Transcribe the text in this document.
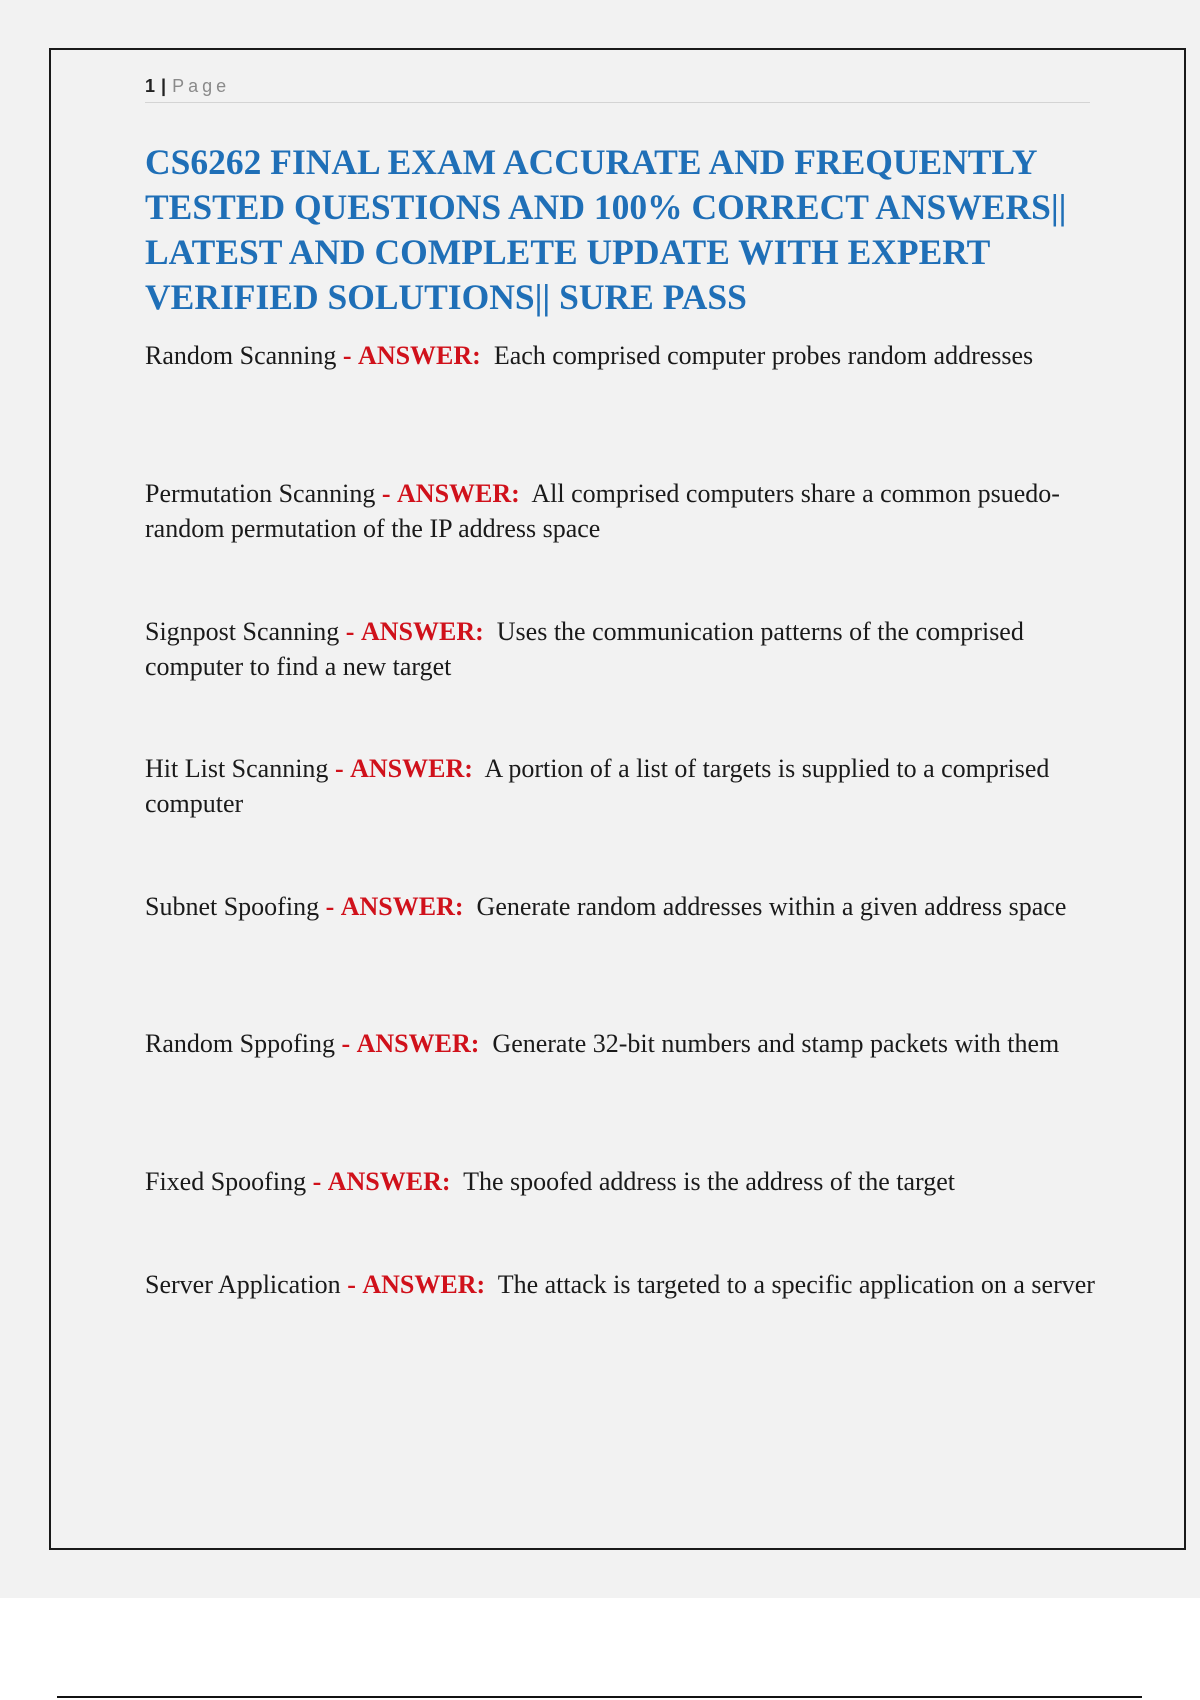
1 | Page
CS6262 FINAL EXAM ACCURATE AND FREQUENTLY TESTED QUESTIONS AND 100% CORRECT ANSWERS|| LATEST AND COMPLETE UPDATE WITH EXPERT VERIFIED SOLUTIONS|| SURE PASS
Random Scanning - ANSWER: Each comprised computer probes random addresses
Permutation Scanning - ANSWER: All comprised computers share a common psuedo-random permutation of the IP address space
Signpost Scanning - ANSWER: Uses the communication patterns of the comprised computer to find a new target
Hit List Scanning - ANSWER: A portion of a list of targets is supplied to a comprised computer
Subnet Spoofing - ANSWER: Generate random addresses within a given address space
Random Sppofing - ANSWER: Generate 32-bit numbers and stamp packets with them
Fixed Spoofing - ANSWER: The spoofed address is the address of the target
Server Application - ANSWER: The attack is targeted to a specific application on a server
